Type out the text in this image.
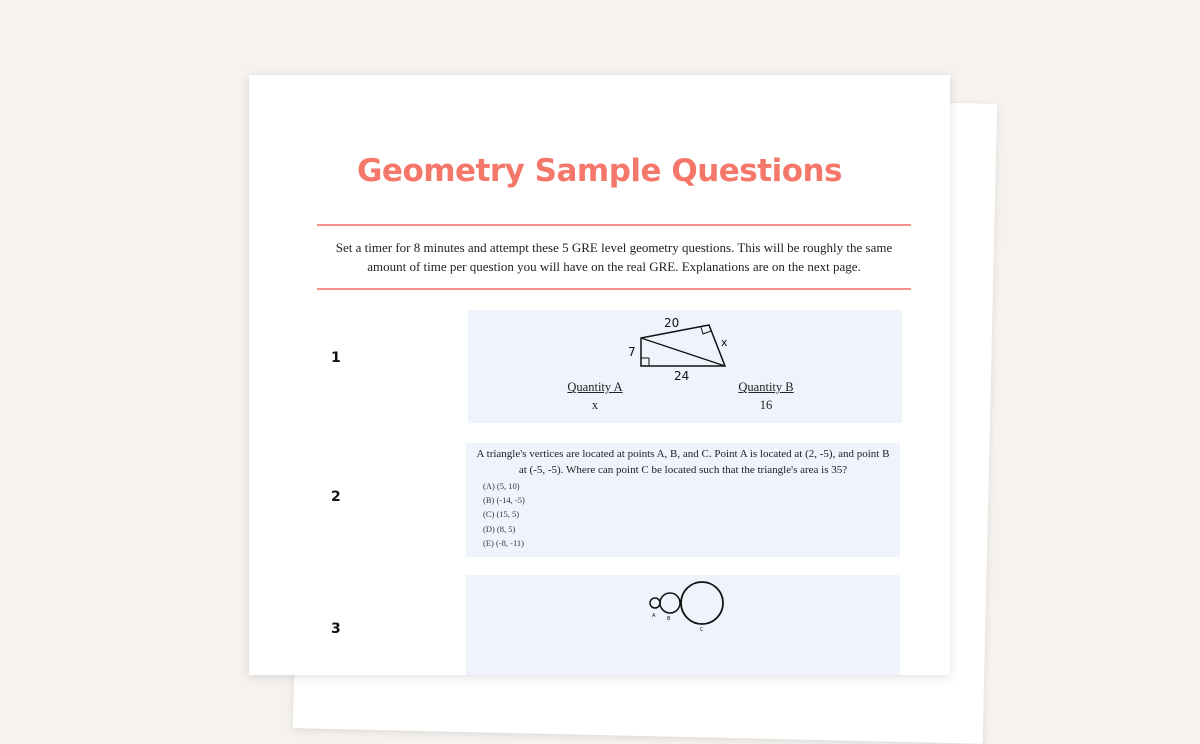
Geometry Sample Questions
Set a timer for 8 minutes and attempt these 5 GRE level geometry questions. This will be roughly the same amount of time per question you will have on the real GRE. Explanations are on the next page.
1
20
7
x
24
Quantity A
x
Quantity B
16
2
A triangle's vertices are located at points A, B, and C. Point A is located at (2, -5), and point B at (-5, -5). Where can point C be located such that the triangle's area is 35?
(A) (5, 10)
(B) (-14, -5)
(C) (15, 5)
(D) (8, 5)
(E) (-8, -11)
3
A B
C
